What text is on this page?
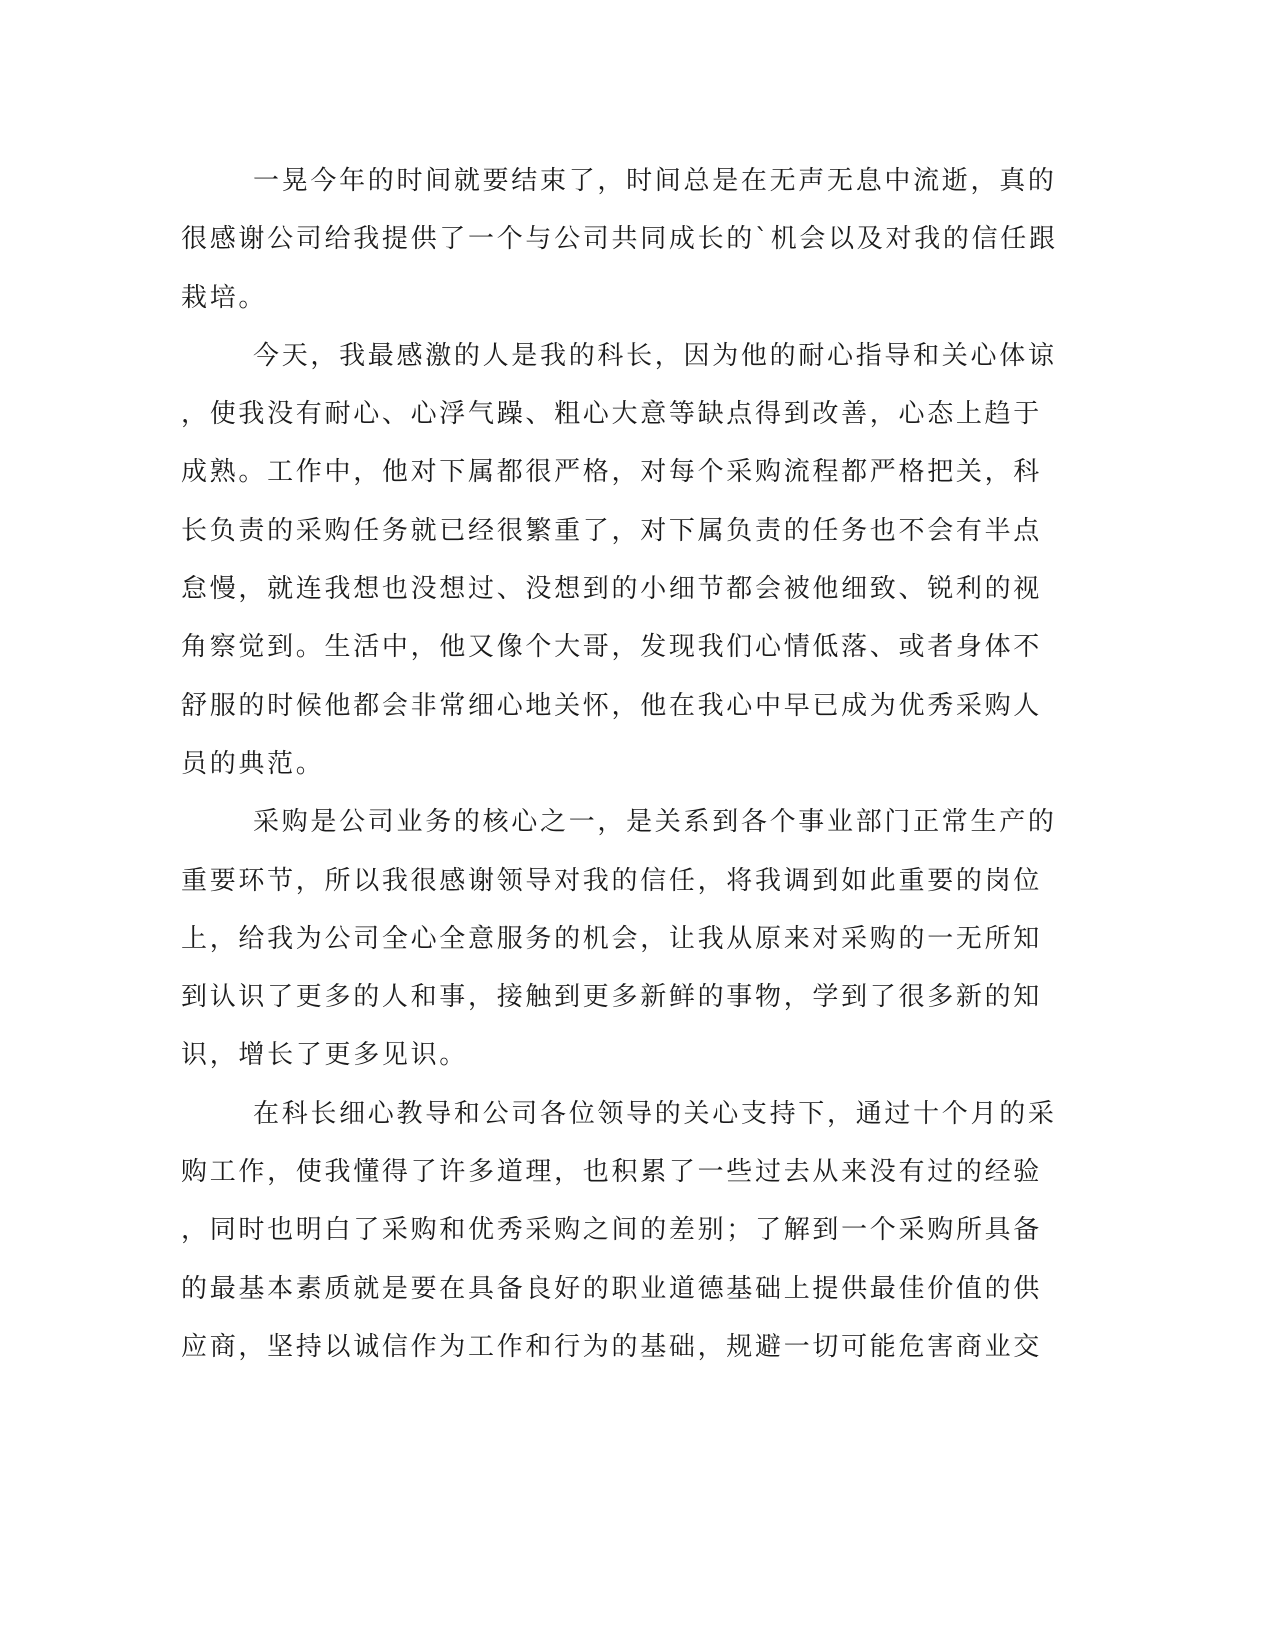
一晃今年的时间就要结束了，时间总是在无声无息中流逝，真的
很感谢公司给我提供了一个与公司共同成长的`机会以及对我的信任跟
栽培。

今天，我最感激的人是我的科长，因为他的耐心指导和关心体谅
，使我没有耐心、心浮气躁、粗心大意等缺点得到改善，心态上趋于
成熟。工作中，他对下属都很严格，对每个采购流程都严格把关，科
长负责的采购任务就已经很繁重了，对下属负责的任务也不会有半点
怠慢，就连我想也没想过、没想到的小细节都会被他细致、锐利的视
角察觉到。生活中，他又像个大哥，发现我们心情低落、或者身体不
舒服的时候他都会非常细心地关怀，他在我心中早已成为优秀采购人
员的典范。

采购是公司业务的核心之一，是关系到各个事业部门正常生产的
重要环节，所以我很感谢领导对我的信任，将我调到如此重要的岗位
上，给我为公司全心全意服务的机会，让我从原来对采购的一无所知
到认识了更多的人和事，接触到更多新鲜的事物，学到了很多新的知
识，增长了更多见识。

在科长细心教导和公司各位领导的关心支持下，通过十个月的采
购工作，使我懂得了许多道理，也积累了一些过去从来没有过的经验
，同时也明白了采购和优秀采购之间的差别；了解到一个采购所具备
的最基本素质就是要在具备良好的职业道德基础上提供最佳价值的供
应商，坚持以诚信作为工作和行为的基础，规避一切可能危害商业交
